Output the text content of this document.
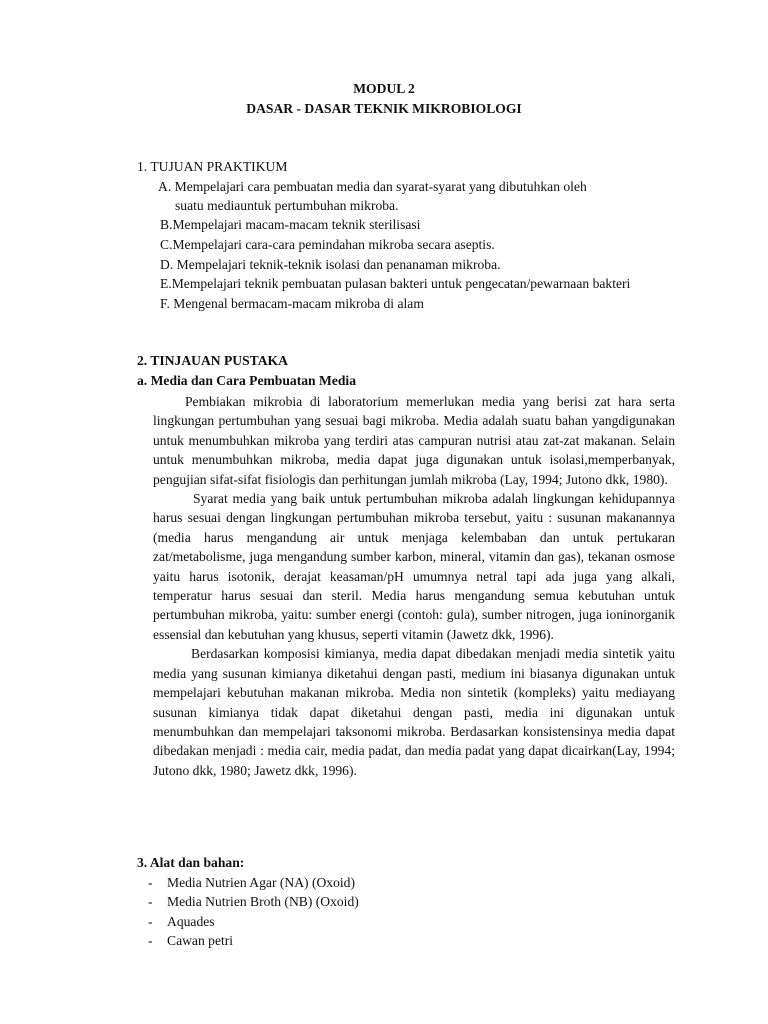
MODUL 2
DASAR - DASAR TEKNIK MIKROBIOLOGI
1. TUJUAN PRAKTIKUM
A. Mempelajari cara pembuatan media dan syarat-syarat yang dibutuhkan oleh
suatu mediauntuk pertumbuhan mikroba.
B.Mempelajari macam-macam teknik sterilisasi
C.Mempelajari cara-cara pemindahan mikroba secara aseptis.
D. Mempelajari teknik-teknik isolasi dan penanaman mikroba.
E.Mempelajari teknik pembuatan pulasan bakteri untuk pengecatan/pewarnaan bakteri
F. Mengenal bermacam-macam mikroba di alam
2. TINJAUAN PUSTAKA
a. Media dan Cara Pembuatan Media

Pembiakan mikrobia di laboratorium memerlukan media yang berisi zat hara serta lingkungan pertumbuhan yang sesuai bagi mikroba. Media adalah suatu bahan yangdigunakan untuk menumbuhkan mikroba yang terdiri atas campuran nutrisi atau zat-zat makanan. Selain untuk menumbuhkan mikroba, media dapat juga digunakan untuk isolasi,memperbanyak, pengujian sifat-sifat fisiologis dan perhitungan jumlah mikroba (Lay, 1994; Jutono dkk, 1980).

Syarat media yang baik untuk pertumbuhan mikroba adalah lingkungan kehidupannya harus sesuai dengan lingkungan pertumbuhan mikroba tersebut, yaitu : susunan makanannya (media harus mengandung air untuk menjaga kelembaban dan untuk pertukaran zat/metabolisme, juga mengandung sumber karbon, mineral, vitamin dan gas), tekanan osmose yaitu harus isotonik, derajat keasaman/pH umumnya netral tapi ada juga yang alkali, temperatur harus sesuai dan steril. Media harus mengandung semua kebutuhan untuk pertumbuhan mikroba, yaitu: sumber energi (contoh: gula), sumber nitrogen, juga ioninorganik essensial dan kebutuhan yang khusus, seperti vitamin (Jawetz dkk, 1996).

Berdasarkan komposisi kimianya, media dapat dibedakan menjadi media sintetik yaitu media yang susunan kimianya diketahui dengan pasti, medium ini biasanya digunakan untuk mempelajari kebutuhan makanan mikroba. Media non sintetik (kompleks) yaitu mediayang susunan kimianya tidak dapat diketahui dengan pasti, media ini digunakan untuk menumbuhkan dan mempelajari taksonomi mikroba. Berdasarkan konsistensinya media dapat dibedakan menjadi : media cair, media padat, dan media padat yang dapat dicairkan(Lay, 1994; Jutono dkk, 1980; Jawetz dkk, 1996).

3. Alat dan bahan:
- Media Nutrien Agar (NA) (Oxoid)
- Media Nutrien Broth (NB) (Oxoid)
- Aquades
- Cawan petri
